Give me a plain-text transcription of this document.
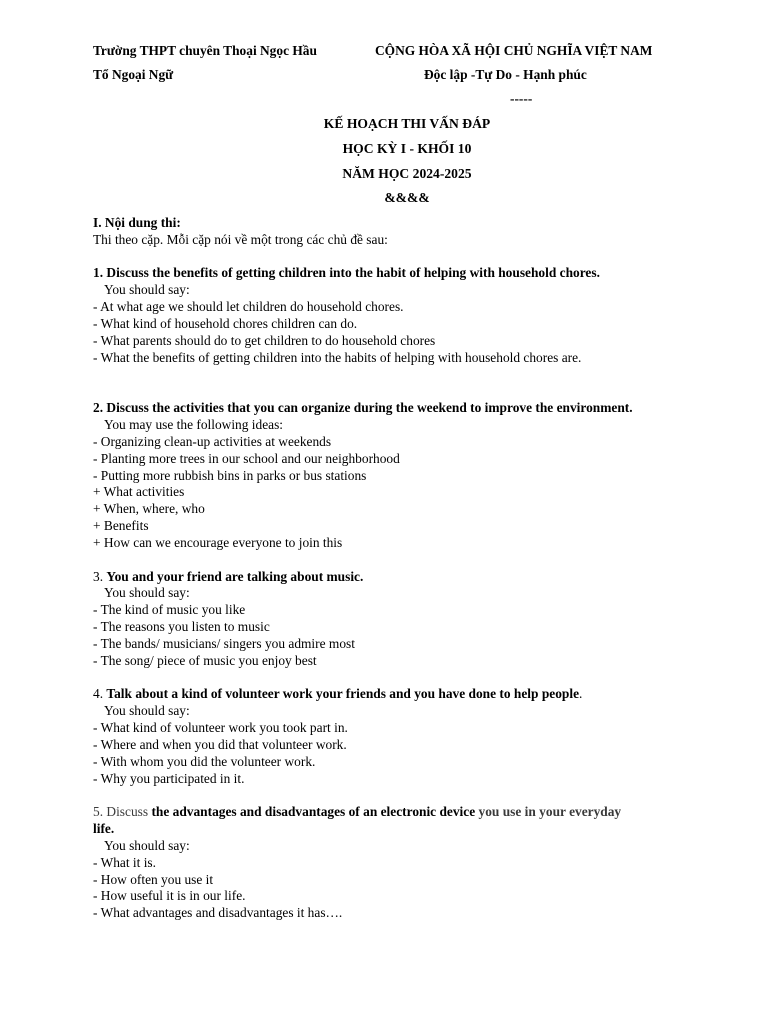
Trường THPT chuyên Thoại Ngọc Hầu
Tổ Ngoại Ngữ
CỘNG HÒA XÃ HỘI CHỦ NGHĨA VIỆT NAM
Độc lập -Tự Do - Hạnh phúc
-----
KẾ HOẠCH THI VẤN ĐÁP
HỌC KỲ I - KHỐI 10
NĂM HỌC 2024-2025
&&&&

I. Nội dung thi:

Thi theo cặp. Mỗi cặp nói về một trong các chủ đề sau:

1. Discuss the benefits of getting children into the habit of helping with household chores.

You should say:

- At what age we should let children do household chores.

- What kind of household chores children can do.

- What parents should do to get children to do household chores

- What the benefits of getting children into the habits of helping with household chores are.

2. Discuss the activities that you can organize during the weekend to improve the environment.

You may use the following ideas:

- Organizing clean-up activities at weekends

- Planting more trees in our school and our neighborhood

- Putting more rubbish bins in parks or bus stations

+ What activities

+ When, where, who

+ Benefits

+ How can we encourage everyone to join this

3. You and your friend are talking about music.

You should say:

- The kind of music you like

- The reasons you listen to music

- The bands/ musicians/ singers you admire most

- The song/ piece of music you enjoy best

4. Talk about a kind of volunteer work your friends and you have done to help people.

You should say:

- What kind of volunteer work you took part in.

- Where and when you did that volunteer work.

- With whom you did the volunteer work.

- Why you participated in it.

5. Discuss the advantages and disadvantages of an electronic device you use in your everyday

life.

You should say:

- What it is.

- How often you use it

- How useful it is in our life.

- What advantages and disadvantages it has….
